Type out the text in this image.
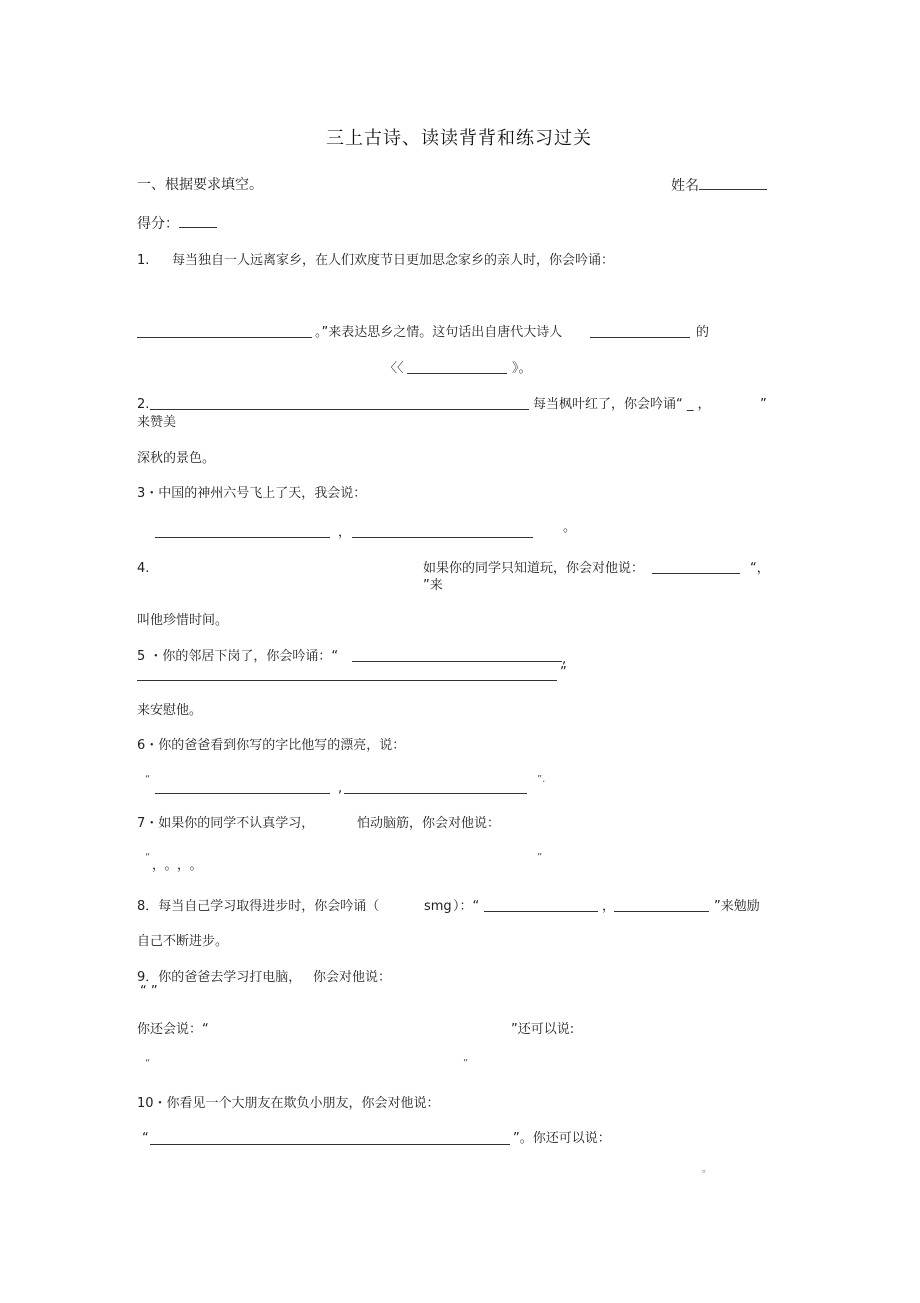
三上古诗、读读背背和练习过关
一、根据要求填空。	姓名
得分：
1. 每当独自一人远离家乡，在人们欢度节日更加思念家乡的亲人时，你会吟诵：
。”来表达思乡之情。这句话出自唐代大诗人	的
〈〈	》。
2.	每当枫叶红了，你会吟诵“ _ ，	”
来赞美
深秋的景色。
3・中国的神州六号飞上了天，我会说：
，	。
4.	如果你的同学只知道玩，你会对他说：	“，
”来
叫他珍惜时间。
5 ・你的邻居下岗了，你会吟诵：“	,
”
来安慰他。
6・你的爸爸看到你写的字比他写的漂亮，说：
“
,
”.
7・如果你的同学不认真学习，	怕动脑筋，你会对他说：
“
，。，。
”
8．每当自己学习取得进步时，你会吟诵（	smg ）：“	，	”来勉励
自己不断进步。
9．你的爸爸去学习打电脑， 你会对他说：
“ ”
你还会说：“	”还可以说:
“	”
10・你看见一个大朋友在欺负小朋友，你会对他说：
“	”。你还可以说：
。
